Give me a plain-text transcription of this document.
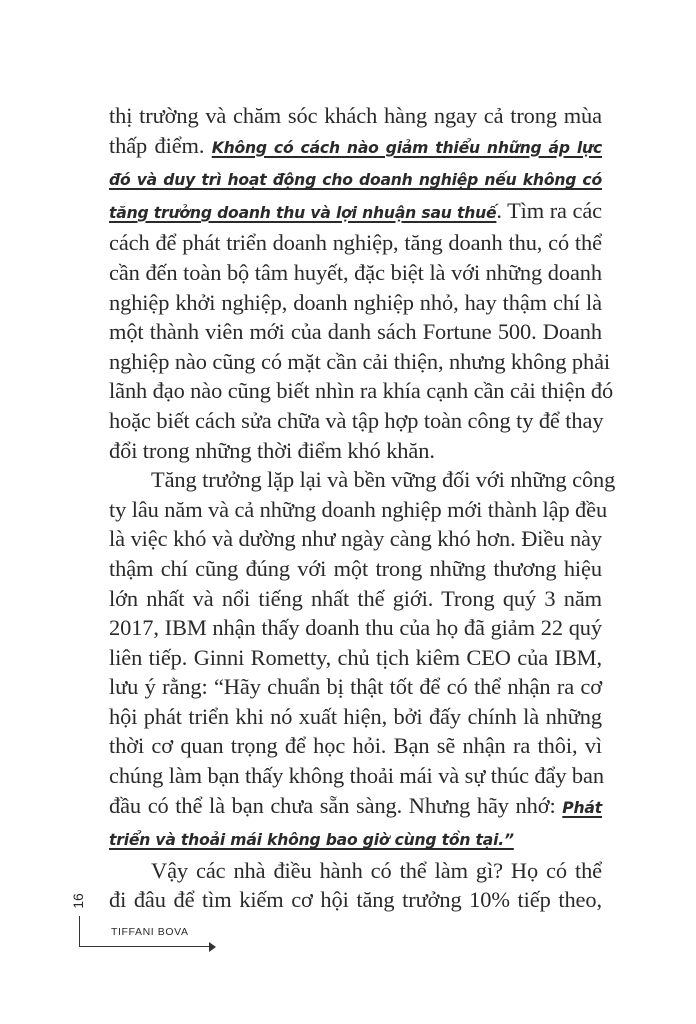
thị trường và chăm sóc khách hàng ngay cả trong mùa
thấp điểm. Không có cách nào giảm thiểu những áp lực
đó và duy trì hoạt động cho doanh nghiệp nếu không có
tăng trưởng doanh thu và lợi nhuận sau thuế. Tìm ra các
cách để phát triển doanh nghiệp, tăng doanh thu, có thể
cần đến toàn bộ tâm huyết, đặc biệt là với những doanh
nghiệp khởi nghiệp, doanh nghiệp nhỏ, hay thậm chí là
một thành viên mới của danh sách Fortune 500. Doanh
nghiệp nào cũng có mặt cần cải thiện, nhưng không phải
lãnh đạo nào cũng biết nhìn ra khía cạnh cần cải thiện đó
hoặc biết cách sửa chữa và tập hợp toàn công ty để thay
đổi trong những thời điểm khó khăn.
Tăng trưởng lặp lại và bền vững đối với những công
ty lâu năm và cả những doanh nghiệp mới thành lập đều
là việc khó và dường như ngày càng khó hơn. Điều này
thậm chí cũng đúng với một trong những thương hiệu
lớn nhất và nổi tiếng nhất thế giới. Trong quý 3 năm
2017, IBM nhận thấy doanh thu của họ đã giảm 22 quý
liên tiếp. Ginni Rometty, chủ tịch kiêm CEO của IBM,
lưu ý rằng: “Hãy chuẩn bị thật tốt để có thể nhận ra cơ
hội phát triển khi nó xuất hiện, bởi đấy chính là những
thời cơ quan trọng để học hỏi. Bạn sẽ nhận ra thôi, vì
chúng làm bạn thấy không thoải mái và sự thúc đẩy ban
đầu có thể là bạn chưa sẵn sàng. Nhưng hãy nhớ: Phát
triển và thoải mái không bao giờ cùng tồn tại.”
Vậy các nhà điều hành có thể làm gì? Họ có thể
đi đâu để tìm kiếm cơ hội tăng trưởng 10% tiếp theo,
16
TIFFANI BOVA
